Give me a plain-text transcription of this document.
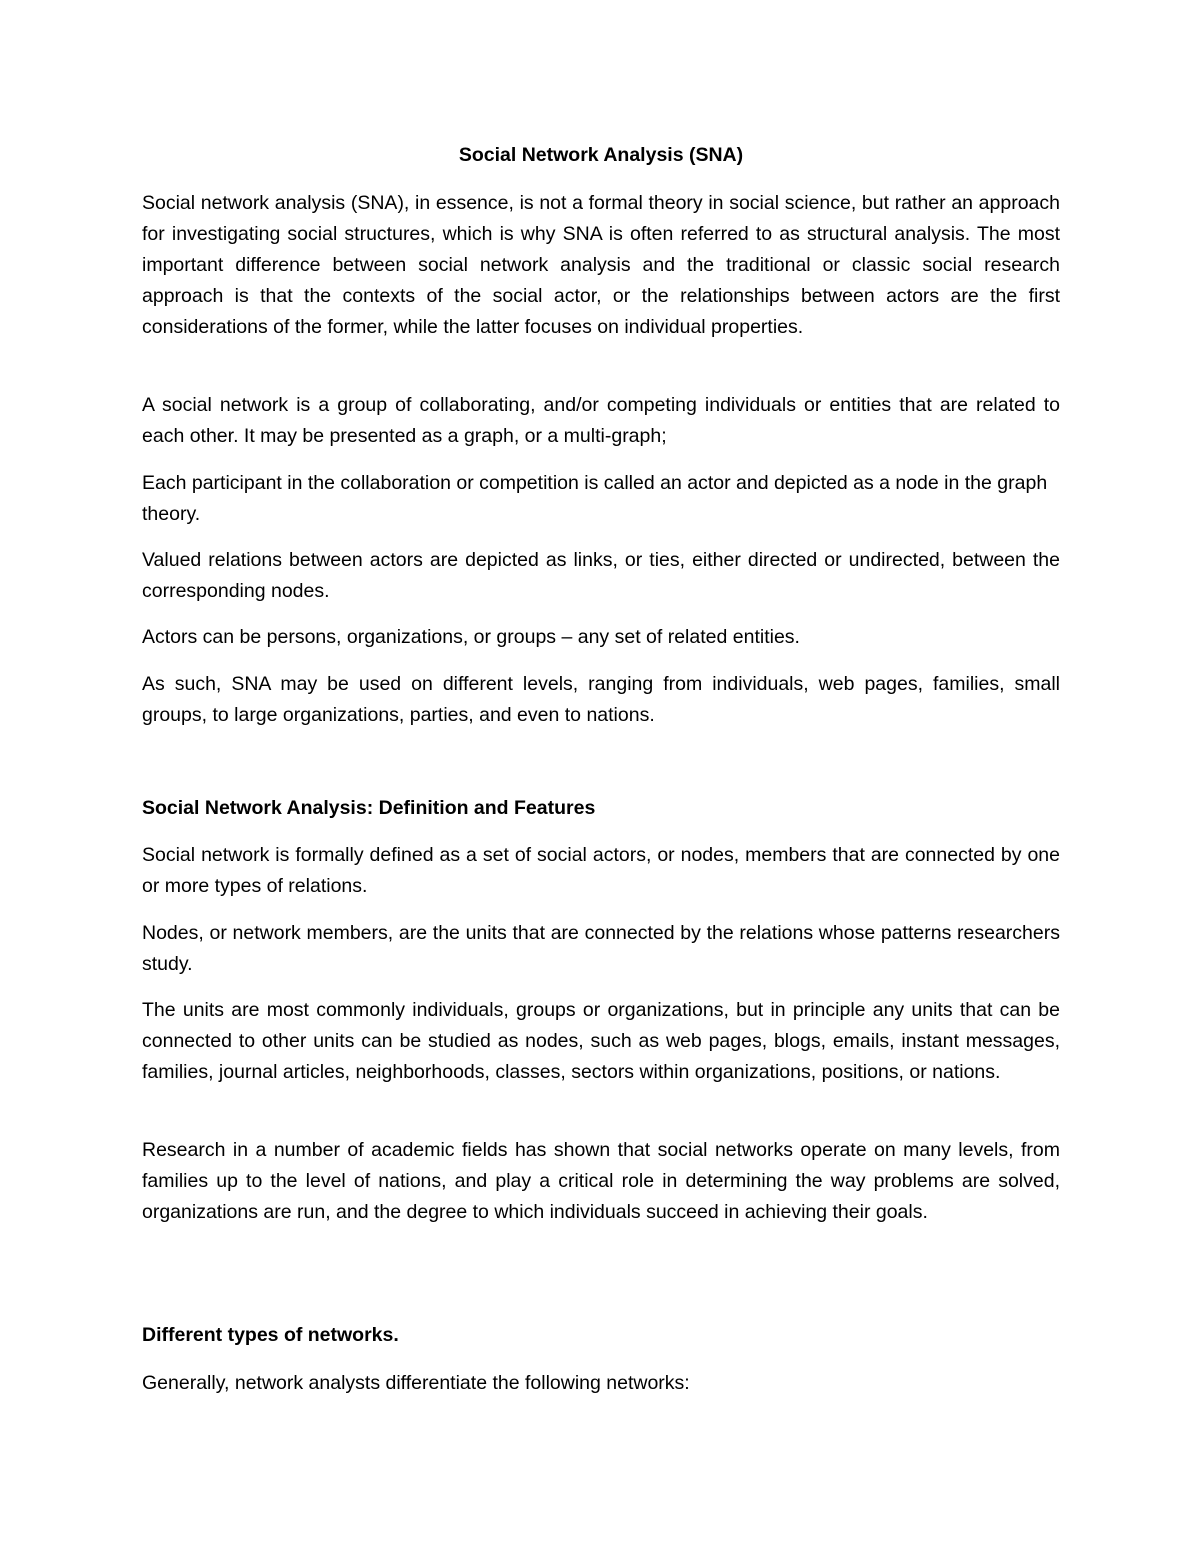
Social Network Analysis (SNA)

Social network analysis (SNA), in essence, is not a formal theory in social science, but rather an approach for investigating social structures, which is why SNA is often referred to as structural analysis. The most important difference between social network analysis and the traditional or classic social research approach is that the contexts of the social actor, or the relationships between actors are the first considerations of the former, while the latter focuses on individual properties.

A social network is a group of collaborating, and/or competing individuals or entities that are related to each other. It may be presented as a graph, or a multi-graph;

Each participant in the collaboration or competition is called an actor and depicted as a node in the graph theory.

Valued relations between actors are depicted as links, or ties, either directed or undirected, between the corresponding nodes.

Actors can be persons, organizations, or groups – any set of related entities.

As such, SNA may be used on different levels, ranging from individuals, web pages, families, small groups, to large organizations, parties, and even to nations.

Social Network Analysis: Definition and Features

Social network is formally defined as a set of social actors, or nodes, members that are connected by one or more types of relations.

Nodes, or network members, are the units that are connected by the relations whose patterns researchers study.

The units are most commonly individuals, groups or organizations, but in principle any units that can be connected to other units can be studied as nodes, such as web pages, blogs, emails, instant messages, families, journal articles, neighborhoods, classes, sectors within organizations, positions, or nations.

Research in a number of academic fields has shown that social networks operate on many levels, from families up to the level of nations, and play a critical role in determining the way problems are solved, organizations are run, and the degree to which individuals succeed in achieving their goals.

Different types of networks.

Generally, network analysts differentiate the following networks:
